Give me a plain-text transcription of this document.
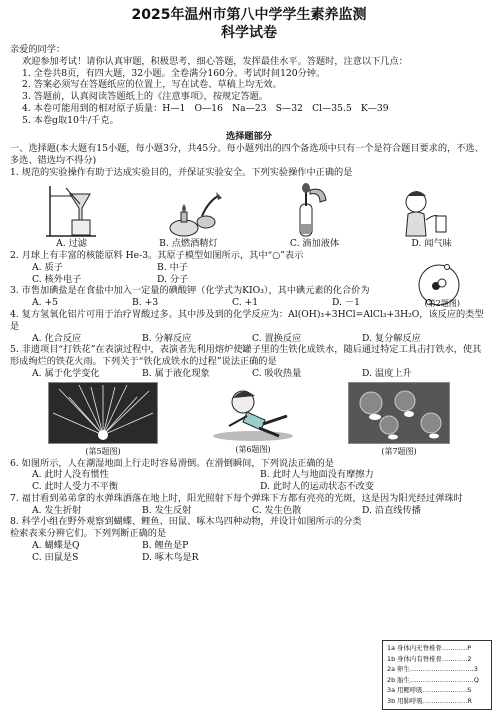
2025年温州市第八中学学生素养监测
科学试卷

亲爱的同学：

欢迎参加考试！请你认真审题，积极思考，细心答题，发挥最佳水平。答题时，注意以下几点：

1. 全卷共8页，有四大题，32小题。全卷满分160分。考试时间120分钟。

2. 答案必须写在答题纸应的位置上，写在试卷、草稿上均无效。

3. 答题前，认真阅读答题纸上的《注意事项》，按规定答题。

4. 本卷可能用到的相对原子质量：H—1　O—16　Na—23　S—32　Cl—35.5　K—39

5. 本卷g取10牛/千克。

选择题部分

一、选择题(本大题有15小题，每小题3分，共45分。每小题列出的四个备选项中只有一个是符合题目要求的，不选、多选、错选均不得分)

1. 规范的实验操作有助于达成实验目的，并保证实验安全。下列实验操作中正确的是

A. 过滤	B. 点燃酒精灯	C. 滴加液体	D. 闻气味

2. 月球上有丰富的核能原料 He-3。其原子模型如图所示，其中“○”表示

A. 质子	B. 中子
C. 核外电子	D. 分子

3. 市售加碘盐是在食盐中加入一定量的碘酸钾（化学式为KIO₃），其中碘元素的化合价为

(第2题图)
A. +5	B. +3	C. +1	D. －1

4. 复方氢氧化铝片可用于治疗胃酸过多。其中涉及到的化学反应为：Al(OH)₃+3HCl=AlCl₃+3H₂O，该反应的类型是

A. 化合反应	B. 分解反应	C. 置换反应	D. 复分解反应

5. 非遗项目“打铁花”在表演过程中，表演者先利用熔炉使罐子里的生铁化成铁水，随后通过特定工具击打铁水，使其形成绚烂的铁花火雨。下列关于“铁化成铁水的过程”说法正确的是

A. 属于化学变化	B. 属于液化现象	C. 吸收热量	D. 温度上升
(第5题图)	(第6题图)	(第7题图)

6. 如图所示，人在潮湿地面上行走时容易滑倒。在滑倒瞬间，下列说法正确的是

A. 此时人没有惯性	B. 此时人与地面没有摩擦力
C. 此时人受力不平衡	D. 此时人的运动状态不改变

7. 福甘看到弟弟拿的水弹珠洒落在地上时，阳光照射下每个弹珠下方都有亮亮的光斑，这是因为阳光经过弹珠时

A. 发生折射	B. 发生反射	C. 发生色散	D. 沿直线传播

8. 科学小组在野外观察到蝴蝶、鲤鱼、田鼠、啄木鸟四种动物，并设计如图所示的分类检索表来分辨它们。下列判断正确的是

A. 蝴蝶是Q	B. 鲤鱼是P
C. 田鼠是S	D. 啄木鸟是R
1a 身体内无脊椎骨…………P
1b 身体内有脊椎骨…………2
2a 卵生…………………………3
2b 胎生…………………………Q
3a 用鳃呼吸…………………S
3b 用肺呼吸…………………R
